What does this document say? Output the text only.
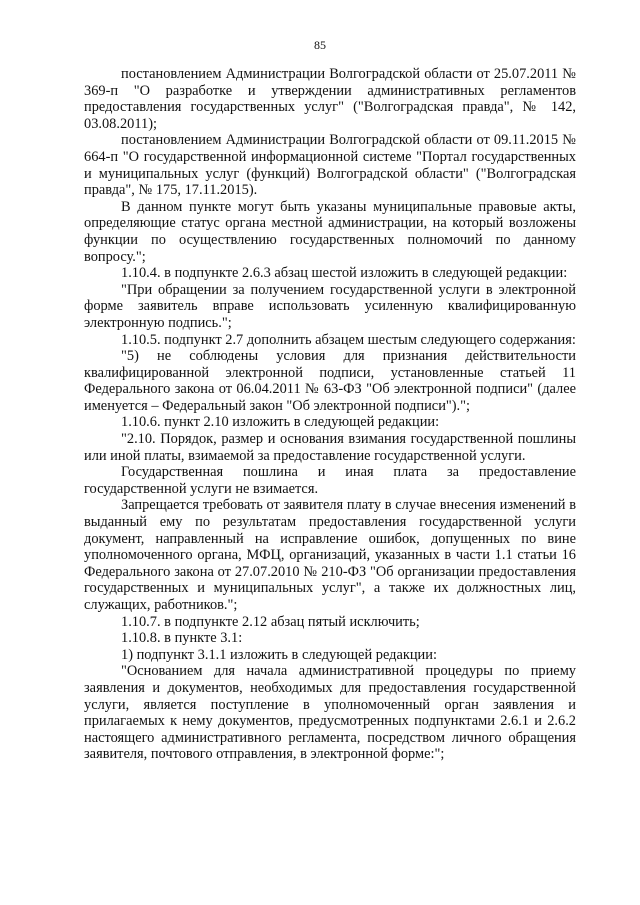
85

постановлением Администрации Волгоградской области от 25.07.2011 № 369-п "О разработке и утверждении административных регламентов предоставления государственных услуг" ("Волгоградская правда", № 142, 03.08.2011);

постановлением Администрации Волгоградской области от 09.11.2015 № 664-п "О государственной информационной системе "Портал государственных и муниципальных услуг (функций) Волгоградской области" ("Волгоградская правда", № 175, 17.11.2015).

В данном пункте могут быть указаны муниципальные правовые акты, определяющие статус органа местной администрации, на который возложены функции по осуществлению государственных полномочий по данному вопросу.";

1.10.4. в подпункте 2.6.3 абзац шестой изложить в следующей редакции:

"При обращении за получением государственной услуги в электронной форме заявитель вправе использовать усиленную квалифицированную электронную подпись.";

1.10.5. подпункт 2.7 дополнить абзацем шестым следующего содержания:

"5) не соблюдены условия для признания действительности квалифицированной электронной подписи, установленные статьей 11 Федерального закона от 06.04.2011 № 63-ФЗ "Об электронной подписи" (далее именуется – Федеральный закон "Об электронной подписи").";

1.10.6. пункт 2.10 изложить в следующей редакции:

"2.10. Порядок, размер и основания взимания государственной пошлины или иной платы, взимаемой за предоставление государственной услуги.

Государственная пошлина и иная плата за предоставление государственной услуги не взимается.

Запрещается требовать от заявителя плату в случае внесения изменений в выданный ему по результатам предоставления государственной услуги документ, направленный на исправление ошибок, допущенных по вине уполномоченного органа, МФЦ, организаций, указанных в части 1.1 статьи 16 Федерального закона от 27.07.2010 № 210-ФЗ "Об организации предоставления государственных и муниципальных услуг", а также их должностных лиц, служащих, работников.";

1.10.7. в подпункте 2.12 абзац пятый исключить;

1.10.8. в пункте 3.1:

1) подпункт 3.1.1 изложить в следующей редакции:

"Основанием для начала административной процедуры по приему заявления и документов, необходимых для предоставления государственной услуги, является поступление в уполномоченный орган заявления и прилагаемых к нему документов, предусмотренных подпунктами 2.6.1 и 2.6.2 настоящего административного регламента, посредством личного обращения заявителя, почтового отправления, в электронной форме:";
